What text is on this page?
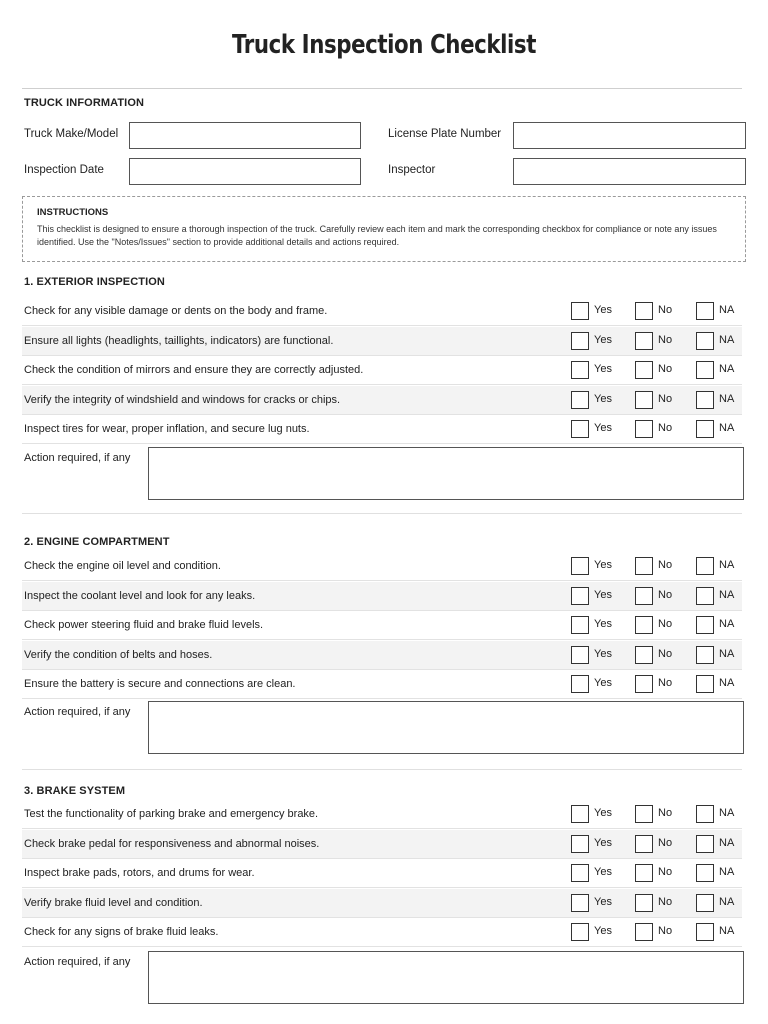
Truck Inspection Checklist
TRUCK INFORMATION
Truck Make/Model	License Plate Number
Inspection Date	Inspector
INSTRUCTIONS
This checklist is designed to ensure a thorough inspection of the truck. Carefully review each item and mark the corresponding checkbox for compliance or note any issues identified. Use the "Notes/Issues" section to provide additional details and actions required.
1. EXTERIOR INSPECTION
Check for any visible damage or dents on the body and frame.	Yes	No	NA
Ensure all lights (headlights, taillights, indicators) are functional.	Yes	No	NA
Check the condition of mirrors and ensure they are correctly adjusted.	Yes	No	NA
Verify the integrity of windshield and windows for cracks or chips.	Yes	No	NA
Inspect tires for wear, proper inflation, and secure lug nuts.	Yes	No	NA
Action required, if any
2. ENGINE COMPARTMENT
Check the engine oil level and condition.	Yes	No	NA
Inspect the coolant level and look for any leaks.	Yes	No	NA
Check power steering fluid and brake fluid levels.	Yes	No	NA
Verify the condition of belts and hoses.	Yes	No	NA
Ensure the battery is secure and connections are clean.	Yes	No	NA
Action required, if any
3. BRAKE SYSTEM
Test the functionality of parking brake and emergency brake.	Yes	No	NA
Check brake pedal for responsiveness and abnormal noises.	Yes	No	NA
Inspect brake pads, rotors, and drums for wear.	Yes	No	NA
Verify brake fluid level and condition.	Yes	No	NA
Check for any signs of brake fluid leaks.	Yes	No	NA
Action required, if any
